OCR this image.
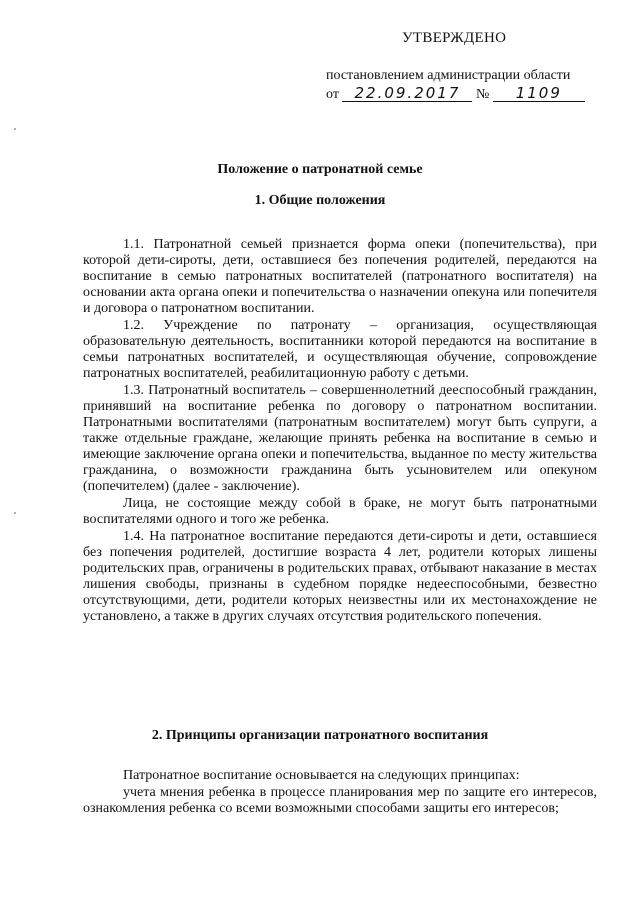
УТВЕРЖДЕНО
постановлением администрации области
от 22.09.2017 № 1109
Положение о патронатной семье
1. Общие положения

1.1. Патронатной семьей признается форма опеки (попечительства), при которой дети-сироты, дети, оставшиеся без попечения родителей, передаются на воспитание в семью патронатных воспитателей (патронатного воспитателя) на основании акта органа опеки и попечительства о назначении опекуна или попечителя и договора о патронатном воспитании.

1.2. Учреждение по патронату – организация, осуществляющая образовательную деятельность, воспитанники которой передаются на воспитание в семьи патронатных воспитателей, и осуществляющая обучение, сопровождение патронатных воспитателей, реабилитационную работу с детьми.

1.3. Патронатный воспитатель – совершеннолетний дееспособный гражданин, принявший на воспитание ребенка по договору о патронатном воспитании. Патронатными воспитателями (патронатным воспитателем) могут быть супруги, а также отдельные граждане, желающие принять ребенка на воспитание в семью и имеющие заключение органа опеки и попечительства, выданное по месту жительства гражданина, о возможности гражданина быть усыновителем или опекуном (попечителем) (далее - заключение).

Лица, не состоящие между собой в браке, не могут быть патронатными воспитателями одного и того же ребенка.

1.4. На патронатное воспитание передаются дети-сироты и дети, оставшиеся без попечения родителей, достигшие возраста 4 лет, родители которых лишены родительских прав, ограничены в родительских правах, отбывают наказание в местах лишения свободы, признаны в судебном порядке недееспособными, безвестно отсутствующими, дети, родители которых неизвестны или их местонахождение не установлено, а также в других случаях отсутствия родительского попечения.

2. Принципы организации патронатного воспитания

Патронатное воспитание основывается на следующих принципах:

учета мнения ребенка в процессе планирования мер по защите его интересов, ознакомления ребенка со всеми возможными способами защиты его интересов;
